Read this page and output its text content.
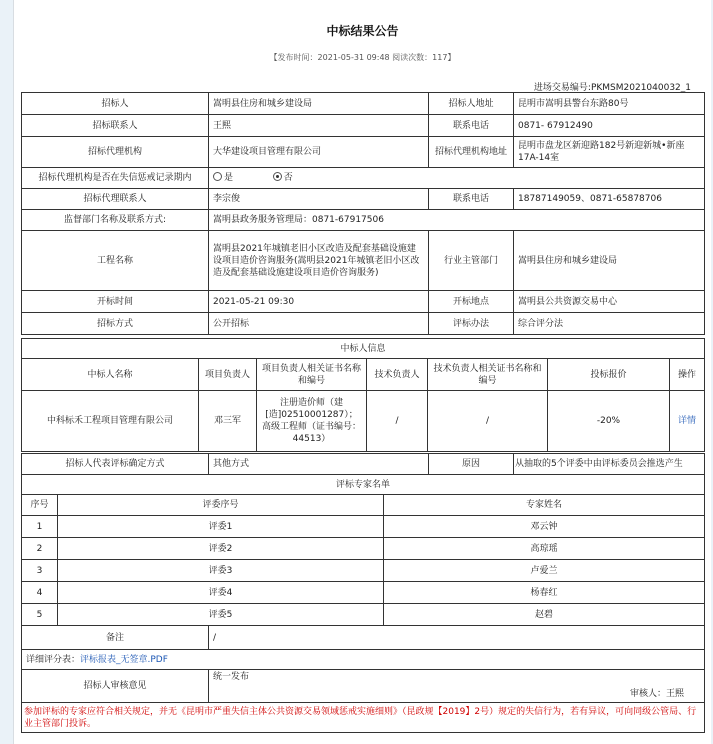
中标结果公告
【发布时间：2021-05-31 09:48 阅读次数：117】
进场交易编号:PKMSM2021040032_1
招标人	嵩明县住房和城乡建设局	招标人地址	昆明市嵩明县警台东路80号
招标联系人	王熙	联系电话	0871- 67912490
招标代理机构	大华建设项目管理有限公司	招标代理机构地址	昆明市盘龙区新迎路182号新迎新城•新座17A-14室
招标代理机构是否在失信惩戒记录期内	是 否		
招标代理联系人	李宗俊	联系电话	18787149059、0871-65878706
监督部门名称及联系方式:	嵩明县政务服务管理局：0871-67917506		
工程名称	嵩明县2021年城镇老旧小区改造及配套基础设施建设项目造价咨询服务(嵩明县2021年城镇老旧小区改造及配套基础设施建设项目造价咨询服务)	行业主管部门	嵩明县住房和城乡建设局
开标时间	2021-05-21 09:30	开标地点	嵩明县公共资源交易中心
招标方式	公开招标	评标办法	综合评分法
中标人信息						
中标人名称	项目负责人	项目负责人相关证书名称和编号	技术负责人	技术负责人相关证书名称和编号	投标报价	操作
中科标禾工程项目管理有限公司	邓三军	注册造价师（建[造]02510001287）；高级工程师（证书编号：44513）	/	/	-20%	详情
招标人代表评标确定方式	其他方式	原因	从抽取的5个评委中由评标委员会推选产生
评标专家名单		
序号	评委序号	专家姓名
1	评委1	邓云钟
2	评委2	高琼瑶
3	评委3	卢爱兰
4	评委4	杨春红
5	评委5	赵碧
备注	/
详细评分表：评标报表_无签章.PDF	
招标人审核意见	统一发布
审核人：王熙

参加评标的专家应符合相关规定，并无《昆明市严重失信主体公共资源交易领域惩戒实施细则》（昆政规【2019】2号）规定的失信行为，若有异议，可向同级公管局、行业主管部门投诉。	
